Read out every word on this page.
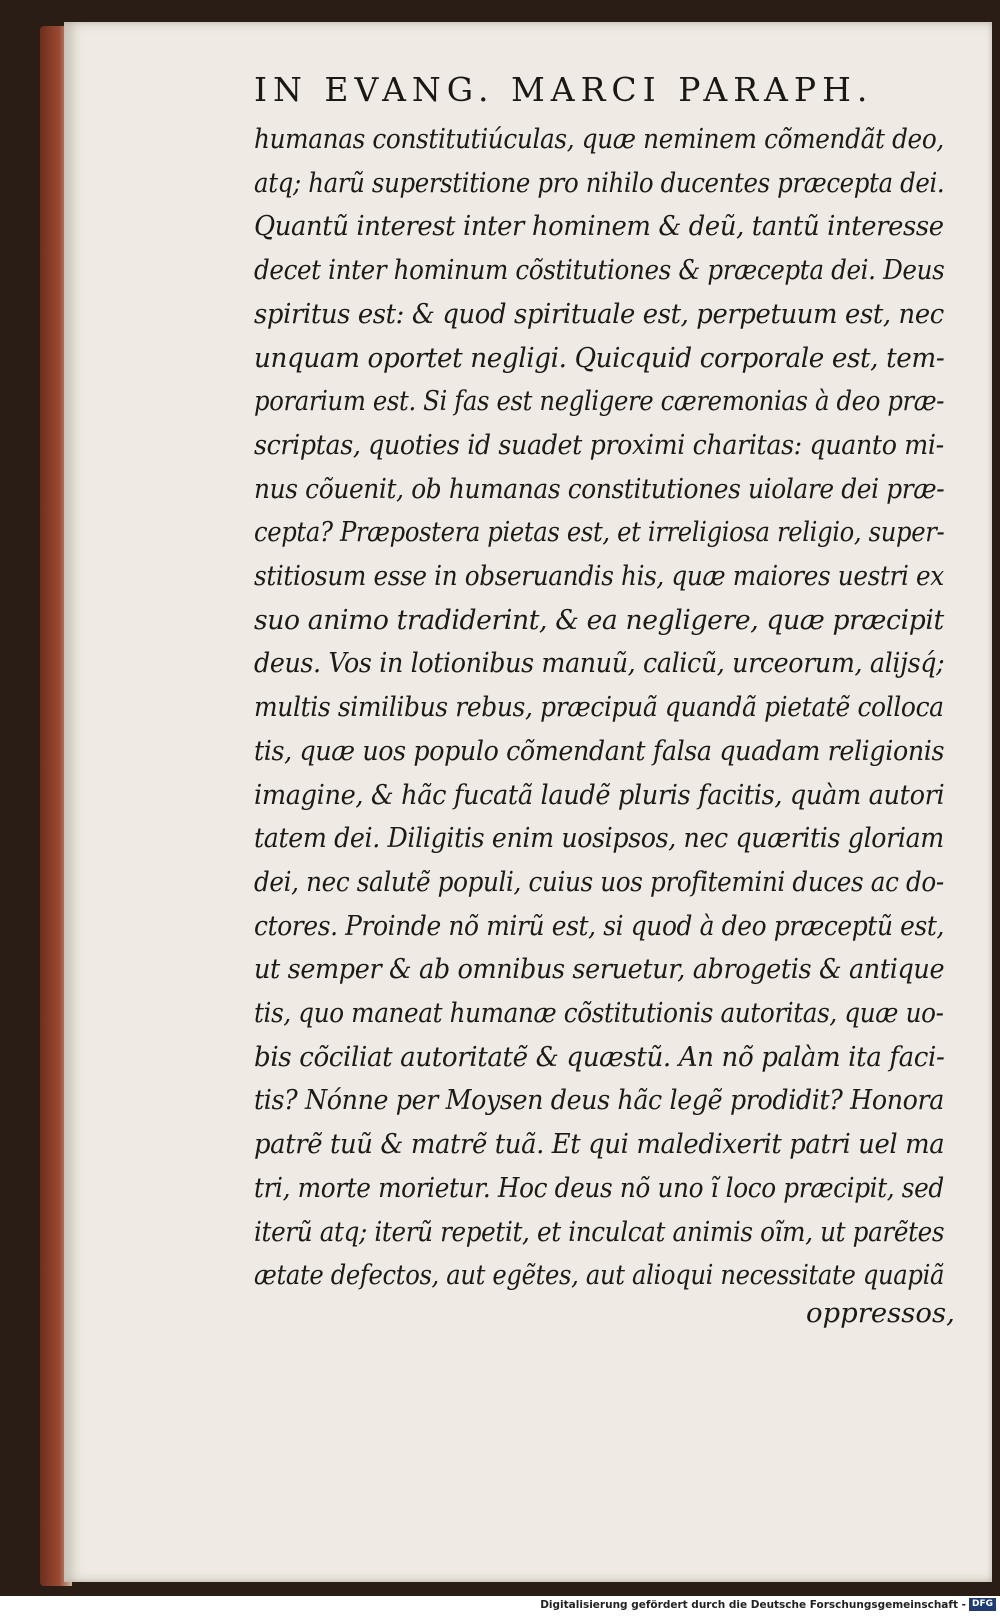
IN EVANG. MARCI PARAPH.
humanas constitutiúculas, quæ neminem cõmendãt deo,
atq; harũ superstitione pro nihilo ducentes præcepta dei.
Quantũ interest inter hominem & deũ, tantũ interesse
decet inter hominum cõstitutiones & præcepta dei. Deus
spiritus est: & quod spirituale est, perpetuum est, nec
unquam oportet negligi. Quicquid corporale est, tem-
porarium est. Si fas est negligere cæremonias à deo præ-
scriptas, quoties id suadet proximi charitas: quanto mi-
nus cõuenit, ob humanas constitutiones uiolare dei præ-
cepta? Præpostera pietas est, et irreligiosa religio, super-
stitiosum esse in obseruandis his, quæ maiores uestri ex
suo animo tradiderint, & ea negligere, quæ præcipit
deus. Vos in lotionibus manuũ, calicũ, urceorum, alijsq́;
multis similibus rebus, præcipuã quandã pietatẽ colloca
tis, quæ uos populo cõmendant falsa quadam religionis
imagine, & hãc fucatã laudẽ pluris facitis, quàm autori
tatem dei. Diligitis enim uosipsos, nec quæritis gloriam
dei, nec salutẽ populi, cuius uos profitemini duces ac do-
ctores. Proinde nõ mirũ est, si quod à deo præceptũ est,
ut semper & ab omnibus seruetur, abrogetis & antique
tis, quo maneat humanæ cõstitutionis autoritas, quæ uo-
bis cõciliat autoritatẽ & quæstũ. An nõ palàm ita faci-
tis? Nónne per Moysen deus hãc legẽ prodidit? Honora
patrẽ tuũ & matrẽ tuã. Et qui maledixerit patri uel ma
tri, morte morietur. Hoc deus nõ uno ĩ loco præcipit, sed
iterũ atq; iterũ repetit, et inculcat animis oĩm, ut parẽtes
ætate defectos, aut egẽtes, aut alioqui necessitate quapiã
oppressos,
Digitalisierung gefördert durch die Deutsche Forschungsgemeinschaft - DFG
